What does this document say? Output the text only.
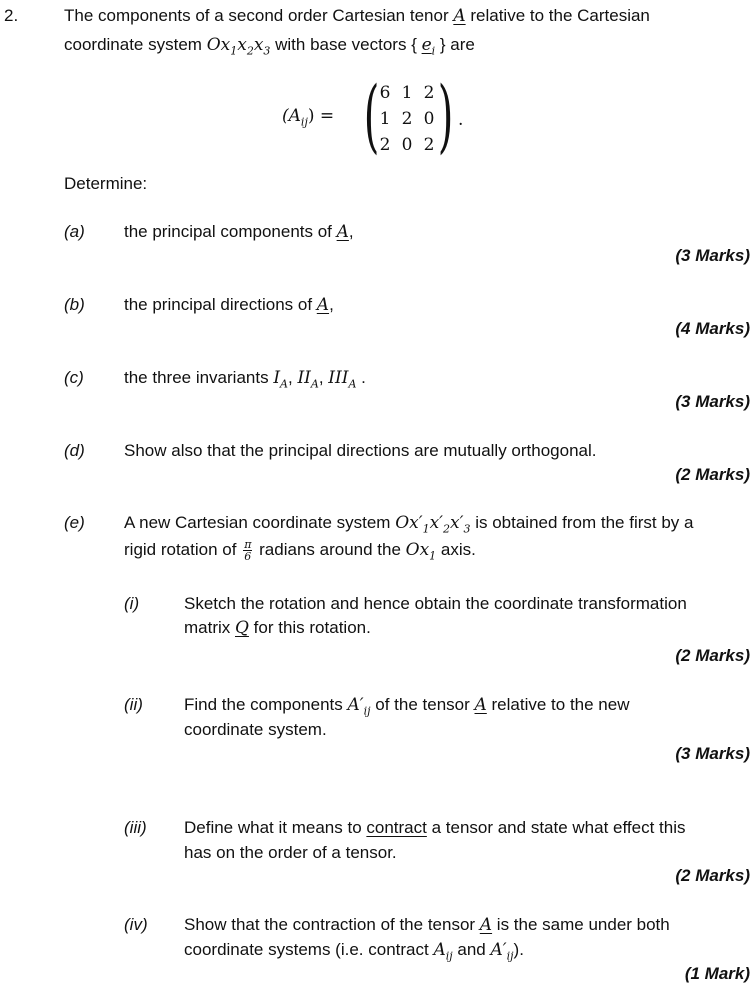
2.	The components of a second order Cartesian tenor A relative to the Cartesian
coordinate system $Ox_1x_2x_3$ with base vectors { $e_i$ } are
$(A_{ij})$ = ( 6 1 2
1 2 0
2 0 2 ) .
Determine:
(a) the principal components of A,
(3 Marks)
(b) the principal directions of A,
(4 Marks)
(c) the three invariants $I_A$, $II_A$, $III_A$ .
(3 Marks)
(d) Show also that the principal directions are mutually orthogonal.
(2 Marks)
(e) A new Cartesian coordinate system $Ox'_1x'_2x'_3$ is obtained from the first by a
rigid rotation of $\frac{\pi}{6}$ radians around the $Ox_1$ axis.
(i)	Sketch the rotation and hence obtain the coordinate transformation
matrix Q for this rotation.
(2 Marks)
(ii) Find the components $A'_{ij}$ of the tensor A relative to the new
coordinate system.
(3 Marks)
(iii) Define what it means to contract a tensor and state what effect this
has on the order of a tensor.
(2 Marks)
(iv) Show that the contraction of the tensor A is the same under both
coordinate systems (i.e. contract $A_{ij}$ and $A'_{ij}$).
(1 Mark)
